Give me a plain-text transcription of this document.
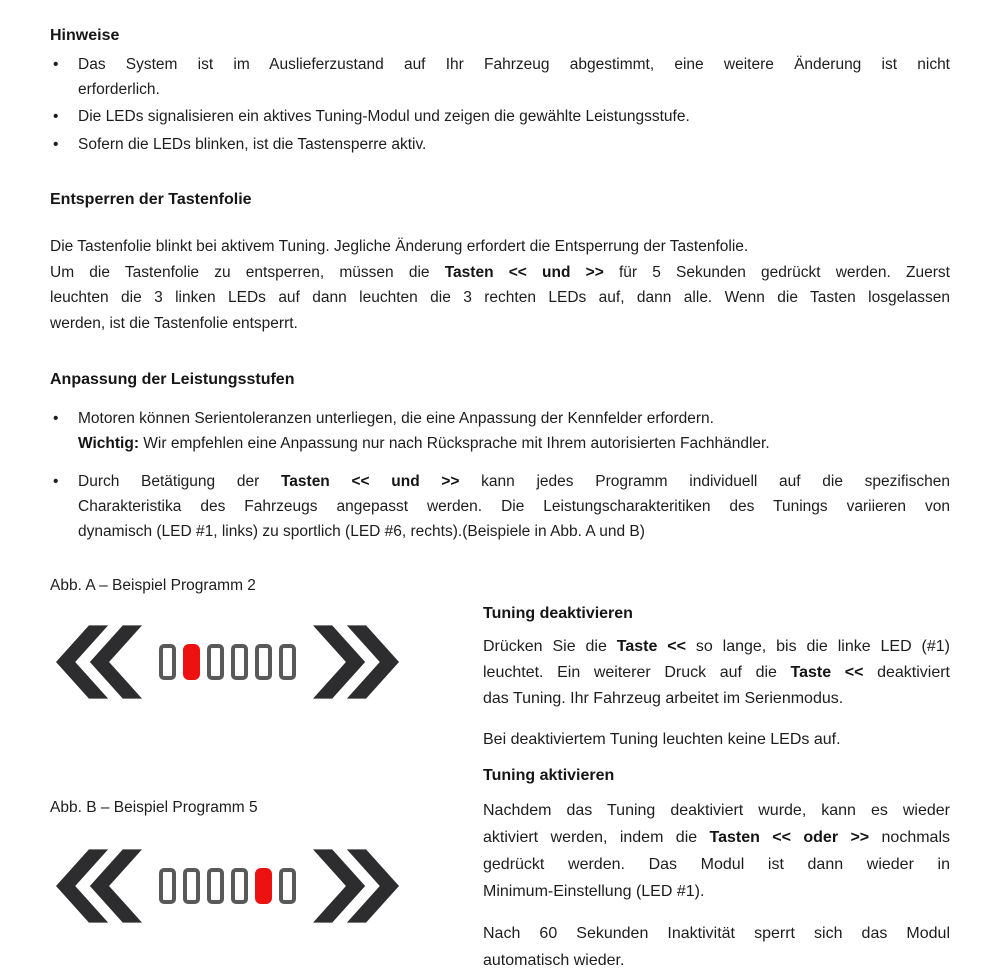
Hinweise
• Das System ist im Auslieferzustand auf Ihr Fahrzeug abgestimmt, eine weitere Änderung ist nicht
erforderlich.
• Die LEDs signalisieren ein aktives Tuning-Modul und zeigen die gewählte Leistungsstufe.
• Sofern die LEDs blinken, ist die Tastensperre aktiv.
Entsperren der Tastenfolie
Die Tastenfolie blinkt bei aktivem Tuning. Jegliche Änderung erfordert die Entsperrung der Tastenfolie.
Um die Tastenfolie zu entsperren, müssen die Tasten << und >> für 5 Sekunden gedrückt werden. Zuerst
leuchten die 3 linken LEDs auf dann leuchten die 3 rechten LEDs auf, dann alle. Wenn die Tasten losgelassen
werden, ist die Tastenfolie entsperrt.
Anpassung der Leistungsstufen
• Motoren können Serientoleranzen unterliegen, die eine Anpassung der Kennfelder erfordern.
Wichtig: Wir empfehlen eine Anpassung nur nach Rücksprache mit Ihrem autorisierten Fachhändler.
• Durch Betätigung der Tasten << und >> kann jedes Programm individuell auf die spezifischen
Charakteristika des Fahrzeugs angepasst werden. Die Leistungscharakteritiken des Tunings variieren von
dynamisch (LED #1, links) zu sportlich (LED #6, rechts).(Beispiele in Abb. A und B)
Abb. A – Beispiel Programm 2
Abb. B – Beispiel Programm 5
Tuning deaktivieren
Drücken Sie die Taste << so lange, bis die linke LED (#1)
leuchtet. Ein weiterer Druck auf die Taste << deaktiviert
das Tuning. Ihr Fahrzeug arbeitet im Serienmodus.
Bei deaktiviertem Tuning leuchten keine LEDs auf.
Tuning aktivieren
Nachdem das Tuning deaktiviert wurde, kann es wieder
aktiviert werden, indem die Tasten << oder >> nochmals
gedrückt werden. Das Modul ist dann wieder in
Minimum-Einstellung (LED #1).
Nach 60 Sekunden Inaktivität sperrt sich das Modul
automatisch wieder.
